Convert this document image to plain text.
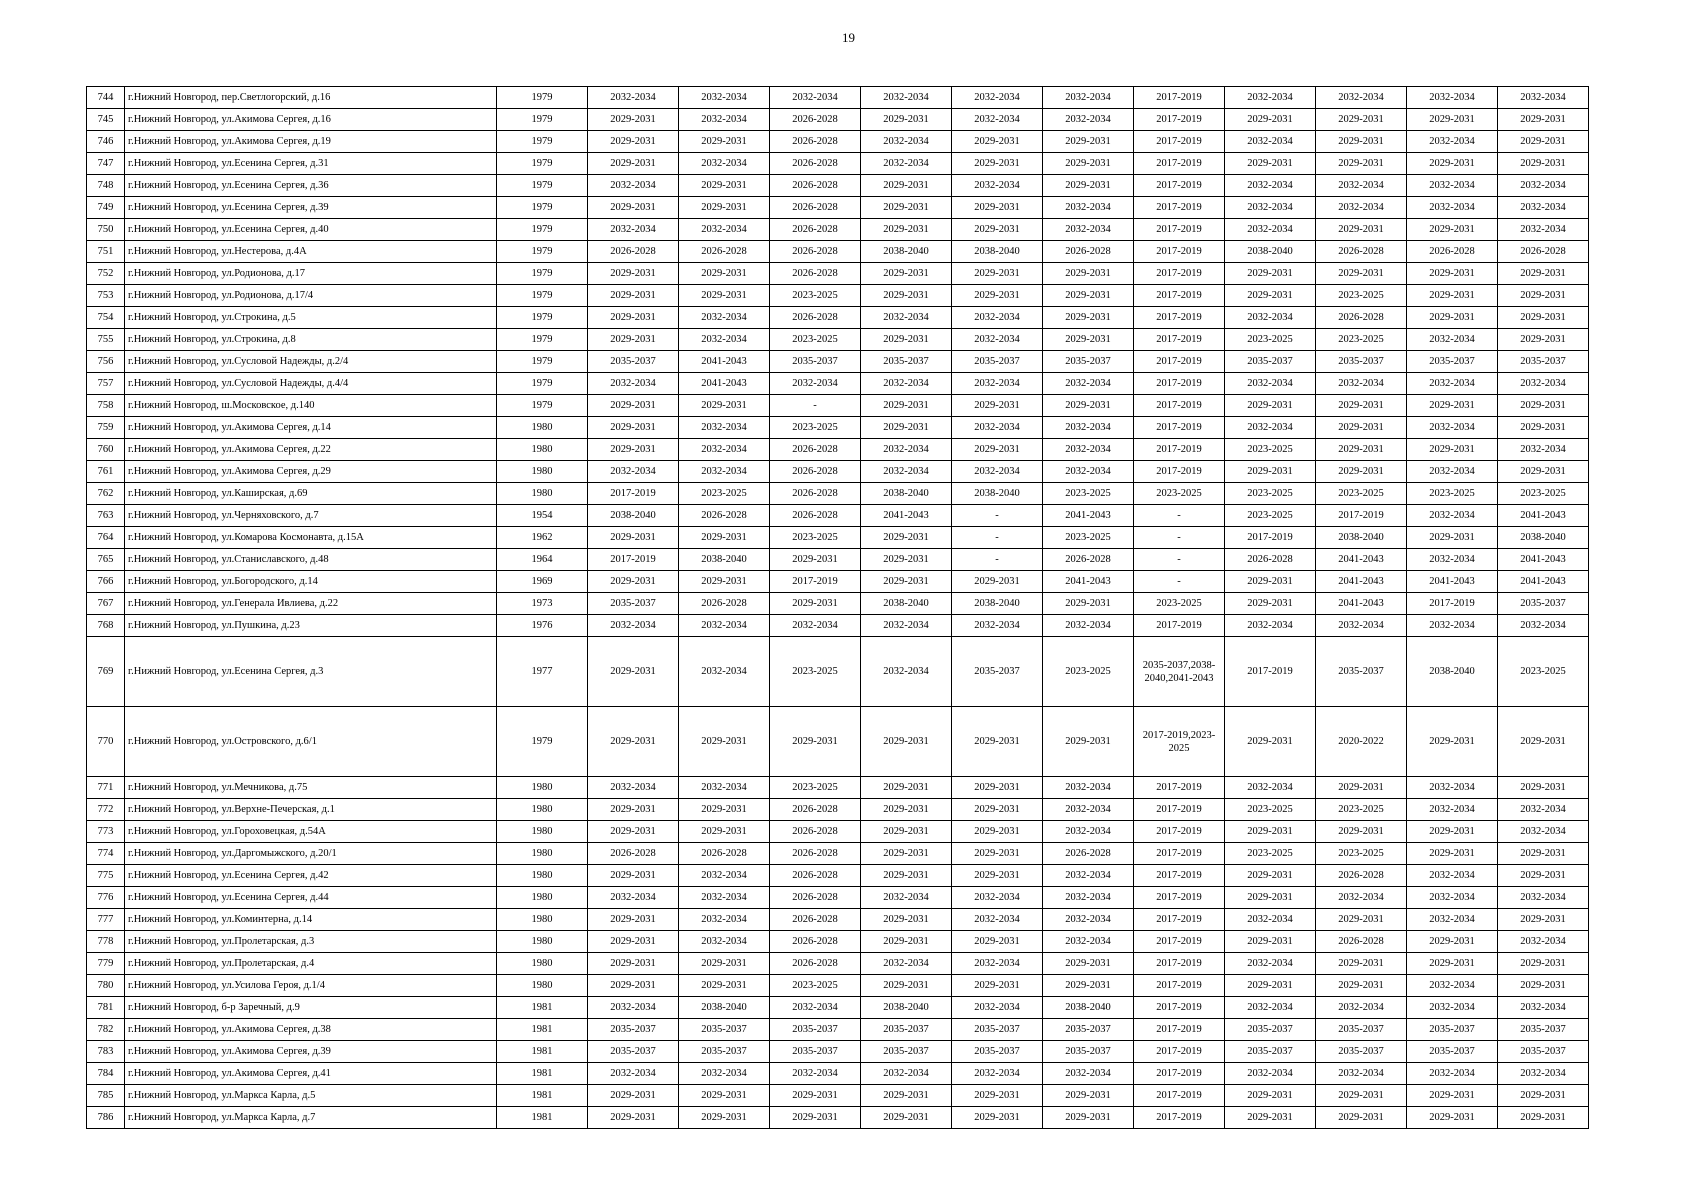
19
744	г.Нижний Новгород, пер.Светлогорский, д.16	1979	2032-2034	2032-2034	2032-2034	2032-2034	2032-2034	2032-2034	2017-2019	2032-2034	2032-2034	2032-2034	2032-2034
745	г.Нижний Новгород, ул.Акимова Сергея, д.16	1979	2029-2031	2032-2034	2026-2028	2029-2031	2032-2034	2032-2034	2017-2019	2029-2031	2029-2031	2029-2031	2029-2031
746	г.Нижний Новгород, ул.Акимова Сергея, д.19	1979	2029-2031	2029-2031	2026-2028	2032-2034	2029-2031	2029-2031	2017-2019	2032-2034	2029-2031	2032-2034	2029-2031
747	г.Нижний Новгород, ул.Есенина Сергея, д.31	1979	2029-2031	2032-2034	2026-2028	2032-2034	2029-2031	2029-2031	2017-2019	2029-2031	2029-2031	2029-2031	2029-2031
748	г.Нижний Новгород, ул.Есенина Сергея, д.36	1979	2032-2034	2029-2031	2026-2028	2029-2031	2032-2034	2029-2031	2017-2019	2032-2034	2032-2034	2032-2034	2032-2034
749	г.Нижний Новгород, ул.Есенина Сергея, д.39	1979	2029-2031	2029-2031	2026-2028	2029-2031	2029-2031	2032-2034	2017-2019	2032-2034	2032-2034	2032-2034	2032-2034
750	г.Нижний Новгород, ул.Есенина Сергея, д.40	1979	2032-2034	2032-2034	2026-2028	2029-2031	2029-2031	2032-2034	2017-2019	2032-2034	2029-2031	2029-2031	2032-2034
751	г.Нижний Новгород, ул.Нестерова, д.4А	1979	2026-2028	2026-2028	2026-2028	2038-2040	2038-2040	2026-2028	2017-2019	2038-2040	2026-2028	2026-2028	2026-2028
752	г.Нижний Новгород, ул.Родионова, д.17	1979	2029-2031	2029-2031	2026-2028	2029-2031	2029-2031	2029-2031	2017-2019	2029-2031	2029-2031	2029-2031	2029-2031
753	г.Нижний Новгород, ул.Родионова, д.17/4	1979	2029-2031	2029-2031	2023-2025	2029-2031	2029-2031	2029-2031	2017-2019	2029-2031	2023-2025	2029-2031	2029-2031
754	г.Нижний Новгород, ул.Строкина, д.5	1979	2029-2031	2032-2034	2026-2028	2032-2034	2032-2034	2029-2031	2017-2019	2032-2034	2026-2028	2029-2031	2029-2031
755	г.Нижний Новгород, ул.Строкина, д.8	1979	2029-2031	2032-2034	2023-2025	2029-2031	2032-2034	2029-2031	2017-2019	2023-2025	2023-2025	2032-2034	2029-2031
756	г.Нижний Новгород, ул.Сусловой Надежды, д.2/4	1979	2035-2037	2041-2043	2035-2037	2035-2037	2035-2037	2035-2037	2017-2019	2035-2037	2035-2037	2035-2037	2035-2037
757	г.Нижний Новгород, ул.Сусловой Надежды, д.4/4	1979	2032-2034	2041-2043	2032-2034	2032-2034	2032-2034	2032-2034	2017-2019	2032-2034	2032-2034	2032-2034	2032-2034
758	г.Нижний Новгород, ш.Московское, д.140	1979	2029-2031	2029-2031	-	2029-2031	2029-2031	2029-2031	2017-2019	2029-2031	2029-2031	2029-2031	2029-2031
759	г.Нижний Новгород, ул.Акимова Сергея, д.14	1980	2029-2031	2032-2034	2023-2025	2029-2031	2032-2034	2032-2034	2017-2019	2032-2034	2029-2031	2032-2034	2029-2031
760	г.Нижний Новгород, ул.Акимова Сергея, д.22	1980	2029-2031	2032-2034	2026-2028	2032-2034	2029-2031	2032-2034	2017-2019	2023-2025	2029-2031	2029-2031	2032-2034
761	г.Нижний Новгород, ул.Акимова Сергея, д.29	1980	2032-2034	2032-2034	2026-2028	2032-2034	2032-2034	2032-2034	2017-2019	2029-2031	2029-2031	2032-2034	2029-2031
762	г.Нижний Новгород, ул.Каширская, д.69	1980	2017-2019	2023-2025	2026-2028	2038-2040	2038-2040	2023-2025	2023-2025	2023-2025	2023-2025	2023-2025	2023-2025
763	г.Нижний Новгород, ул.Черняховского, д.7	1954	2038-2040	2026-2028	2026-2028	2041-2043	-	2041-2043	-	2023-2025	2017-2019	2032-2034	2041-2043
764	г.Нижний Новгород, ул.Комарова Космонавта, д.15А	1962	2029-2031	2029-2031	2023-2025	2029-2031	-	2023-2025	-	2017-2019	2038-2040	2029-2031	2038-2040
765	г.Нижний Новгород, ул.Станиславского, д.48	1964	2017-2019	2038-2040	2029-2031	2029-2031	-	2026-2028	-	2026-2028	2041-2043	2032-2034	2041-2043
766	г.Нижний Новгород, ул.Богородского, д.14	1969	2029-2031	2029-2031	2017-2019	2029-2031	2029-2031	2041-2043	-	2029-2031	2041-2043	2041-2043	2041-2043
767	г.Нижний Новгород, ул.Генерала Ивлиева, д.22	1973	2035-2037	2026-2028	2029-2031	2038-2040	2038-2040	2029-2031	2023-2025	2029-2031	2041-2043	2017-2019	2035-2037
768	г.Нижний Новгород, ул.Пушкина, д.23	1976	2032-2034	2032-2034	2032-2034	2032-2034	2032-2034	2032-2034	2017-2019	2032-2034	2032-2034	2032-2034	2032-2034
769	г.Нижний Новгород, ул.Есенина Сергея, д.3	1977	2029-2031	2032-2034	2023-2025	2032-2034	2035-2037	2023-2025	2035-2037,2038-2040,2041-2043	2017-2019	2035-2037	2038-2040	2023-2025
770	г.Нижний Новгород, ул.Островского, д.6/1	1979	2029-2031	2029-2031	2029-2031	2029-2031	2029-2031	2029-2031	2017-2019,2023-2025	2029-2031	2020-2022	2029-2031	2029-2031
771	г.Нижний Новгород, ул.Мечникова, д.75	1980	2032-2034	2032-2034	2023-2025	2029-2031	2029-2031	2032-2034	2017-2019	2032-2034	2029-2031	2032-2034	2029-2031
772	г.Нижний Новгород, ул.Верхне-Печерская, д.1	1980	2029-2031	2029-2031	2026-2028	2029-2031	2029-2031	2032-2034	2017-2019	2023-2025	2023-2025	2032-2034	2032-2034
773	г.Нижний Новгород, ул.Гороховецкая, д.54А	1980	2029-2031	2029-2031	2026-2028	2029-2031	2029-2031	2032-2034	2017-2019	2029-2031	2029-2031	2029-2031	2032-2034
774	г.Нижний Новгород, ул.Даргомыжского, д.20/1	1980	2026-2028	2026-2028	2026-2028	2029-2031	2029-2031	2026-2028	2017-2019	2023-2025	2023-2025	2029-2031	2029-2031
775	г.Нижний Новгород, ул.Есенина Сергея, д.42	1980	2029-2031	2032-2034	2026-2028	2029-2031	2029-2031	2032-2034	2017-2019	2029-2031	2026-2028	2032-2034	2029-2031
776	г.Нижний Новгород, ул.Есенина Сергея, д.44	1980	2032-2034	2032-2034	2026-2028	2032-2034	2032-2034	2032-2034	2017-2019	2029-2031	2032-2034	2032-2034	2032-2034
777	г.Нижний Новгород, ул.Коминтерна, д.14	1980	2029-2031	2032-2034	2026-2028	2029-2031	2032-2034	2032-2034	2017-2019	2032-2034	2029-2031	2032-2034	2029-2031
778	г.Нижний Новгород, ул.Пролетарская, д.3	1980	2029-2031	2032-2034	2026-2028	2029-2031	2029-2031	2032-2034	2017-2019	2029-2031	2026-2028	2029-2031	2032-2034
779	г.Нижний Новгород, ул.Пролетарская, д.4	1980	2029-2031	2029-2031	2026-2028	2032-2034	2032-2034	2029-2031	2017-2019	2032-2034	2029-2031	2029-2031	2029-2031
780	г.Нижний Новгород, ул.Усилова Героя, д.1/4	1980	2029-2031	2029-2031	2023-2025	2029-2031	2029-2031	2029-2031	2017-2019	2029-2031	2029-2031	2032-2034	2029-2031
781	г.Нижний Новгород, б-р Заречный, д.9	1981	2032-2034	2038-2040	2032-2034	2038-2040	2032-2034	2038-2040	2017-2019	2032-2034	2032-2034	2032-2034	2032-2034
782	г.Нижний Новгород, ул.Акимова Сергея, д.38	1981	2035-2037	2035-2037	2035-2037	2035-2037	2035-2037	2035-2037	2017-2019	2035-2037	2035-2037	2035-2037	2035-2037
783	г.Нижний Новгород, ул.Акимова Сергея, д.39	1981	2035-2037	2035-2037	2035-2037	2035-2037	2035-2037	2035-2037	2017-2019	2035-2037	2035-2037	2035-2037	2035-2037
784	г.Нижний Новгород, ул.Акимова Сергея, д.41	1981	2032-2034	2032-2034	2032-2034	2032-2034	2032-2034	2032-2034	2017-2019	2032-2034	2032-2034	2032-2034	2032-2034
785	г.Нижний Новгород, ул.Маркса Карла, д.5	1981	2029-2031	2029-2031	2029-2031	2029-2031	2029-2031	2029-2031	2017-2019	2029-2031	2029-2031	2029-2031	2029-2031
786	г.Нижний Новгород, ул.Маркса Карла, д.7	1981	2029-2031	2029-2031	2029-2031	2029-2031	2029-2031	2029-2031	2017-2019	2029-2031	2029-2031	2029-2031	2029-2031
